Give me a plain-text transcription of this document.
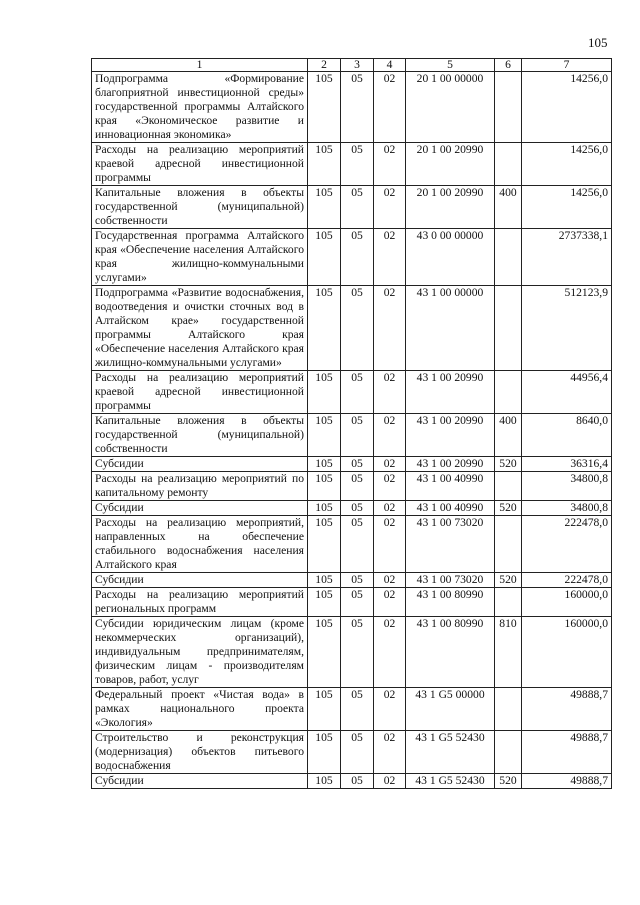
105
1	2	3	4	5	6	7
Подпрограмма «Формирование благоприятной инвестиционной среды» государственной программы Алтайского края «Экономическое развитие и инновационная экономика»	105	05	02	20 1 00 00000		14256,0
Расходы на реализацию мероприятий краевой адресной инвестиционной программы	105	05	02	20 1 00 20990		14256,0
Капитальные вложения в объекты государственной (муниципальной) собственности	105	05	02	20 1 00 20990	400	14256,0
Государственная программа Алтайского края «Обеспечение населения Алтайского края жилищно-коммунальными услугами»	105	05	02	43 0 00 00000		2737338,1
Подпрограмма «Развитие водоснабжения, водоотведения и очистки сточных вод в Алтайском крае» государственной программы Алтайского края «Обеспечение населения Алтайского края жилищно-коммунальными услугами»	105	05	02	43 1 00 00000		512123,9
Расходы на реализацию мероприятий краевой адресной инвестиционной программы	105	05	02	43 1 00 20990		44956,4
Капитальные вложения в объекты государственной (муниципальной) собственности	105	05	02	43 1 00 20990	400	8640,0
Субсидии	105	05	02	43 1 00 20990	520	36316,4
Расходы на реализацию мероприятий по капитальному ремонту	105	05	02	43 1 00 40990		34800,8
Субсидии	105	05	02	43 1 00 40990	520	34800,8
Расходы на реализацию мероприятий, направленных на обеспечение стабильного водоснабжения населения Алтайского края	105	05	02	43 1 00 73020		222478,0
Субсидии	105	05	02	43 1 00 73020	520	222478,0
Расходы на реализацию мероприятий региональных программ	105	05	02	43 1 00 80990		160000,0
Субсидии юридическим лицам (кроме некоммерческих организаций), индивидуальным предпринимателям, физическим лицам - производителям товаров, работ, услуг	105	05	02	43 1 00 80990	810	160000,0
Федеральный проект «Чистая вода» в рамках национального проекта «Экология»	105	05	02	43 1 G5 00000		49888,7
Строительство и реконструкция (модернизация) объектов питьевого водоснабжения	105	05	02	43 1 G5 52430		49888,7
Субсидии	105	05	02	43 1 G5 52430	520	49888,7
